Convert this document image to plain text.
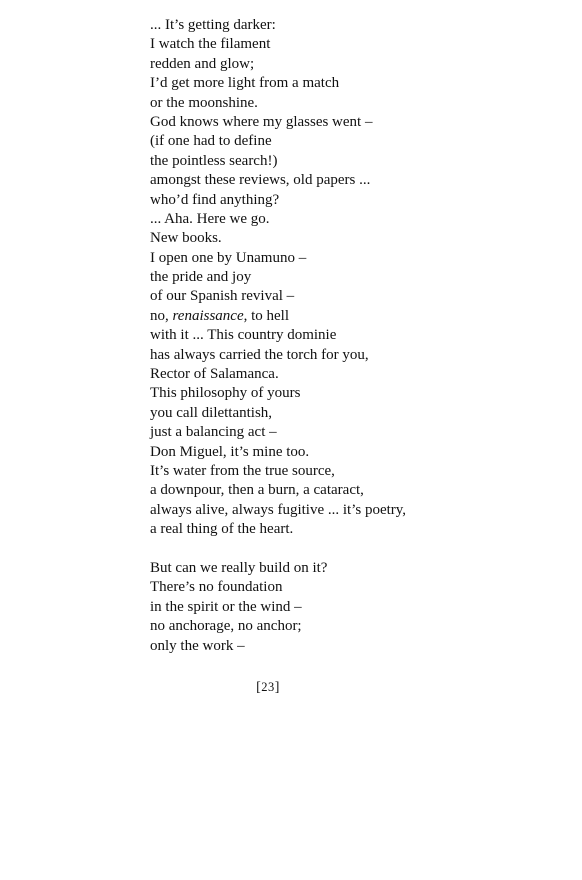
... It’s getting darker:
I watch the filament
redden and glow;
I’d get more light from a match
or the moonshine.
God knows where my glasses went –
(if one had to define
the pointless search!)
amongst these reviews, old papers ...
who’d find anything?
... Aha. Here we go.
New books.
I open one by Unamuno –
the pride and joy
of our Spanish revival –
no, renaissance, to hell
with it ... This country dominie
has always carried the torch for you,
Rector of Salamanca.
This philosophy of yours
you call dilettantish,
just a balancing act –
Don Miguel, it’s mine too.
It’s water from the true source,
a downpour, then a burn, a cataract,
always alive, always fugitive ... it’s poetry,
a real thing of the heart.
But can we really build on it?
There’s no foundation
in the spirit or the wind –
no anchorage, no anchor;
only the work –
[23]
